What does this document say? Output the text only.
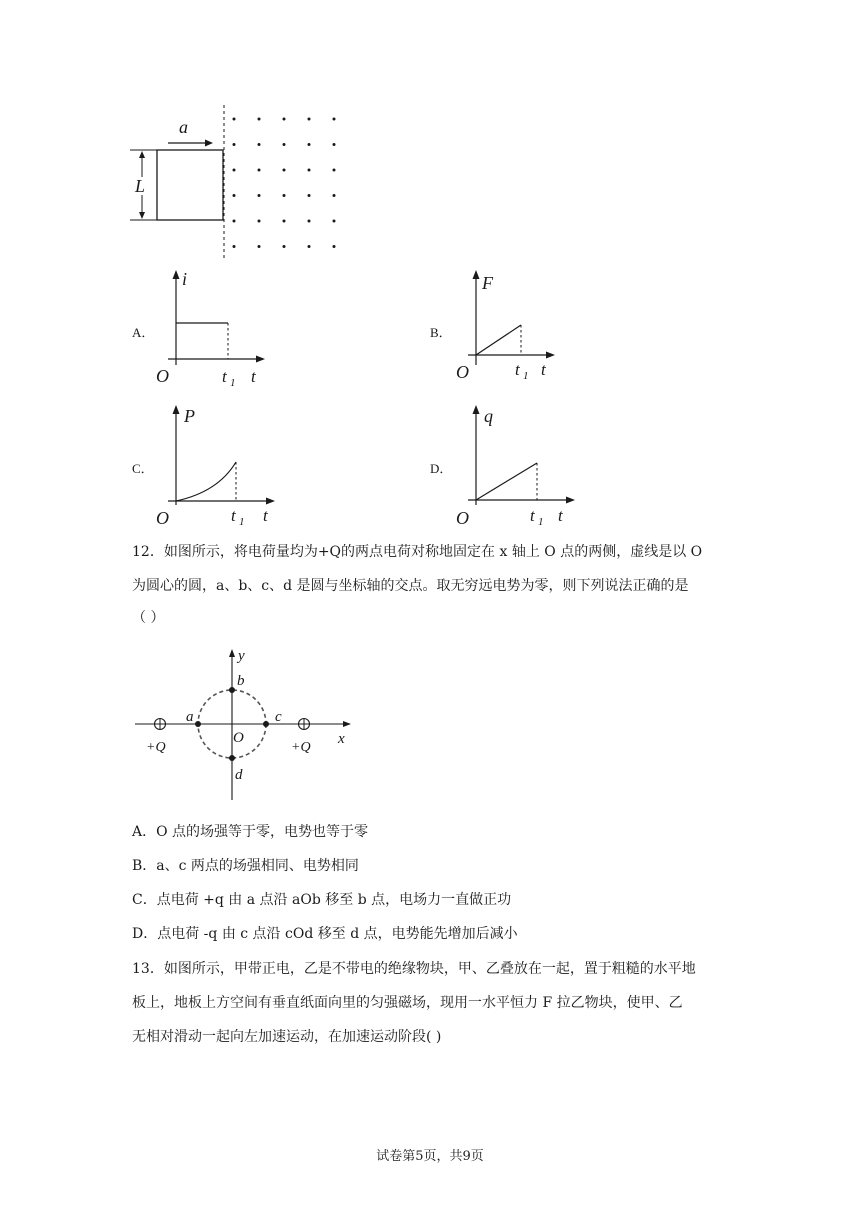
a
L
A．
i
O	t 1 t
B．
F
O	t 1 t
C．
P
O	t 1 t
D．
q
O	t 1 t
12．如图所示，将电荷量均为+Q的两点电荷对称地固定在 x 轴上 O 点的两侧，虚线是以 O
为圆心的圆，a、b、c、d 是圆与坐标轴的交点。取无穷远电势为零，则下列说法正确的是
（ ）
y
x
O
a
b
c
d
+Q	+Q
A．O 点的场强等于零，电势也等于零
B．a、c 两点的场强相同、电势相同
C．点电荷 +q 由 a 点沿 aOb 移至 b 点，电场力一直做正功
D．点电荷 -q 由 c 点沿 cOd 移至 d 点，电势能先增加后减小
13．如图所示，甲带正电，乙是不带电的绝缘物块，甲、乙叠放在一起，置于粗糙的水平地
板上，地板上方空间有垂直纸面向里的匀强磁场，现用一水平恒力 F 拉乙物块，使甲、乙
无相对滑动一起向左加速运动，在加速运动阶段( )
试卷第5页，共9页
